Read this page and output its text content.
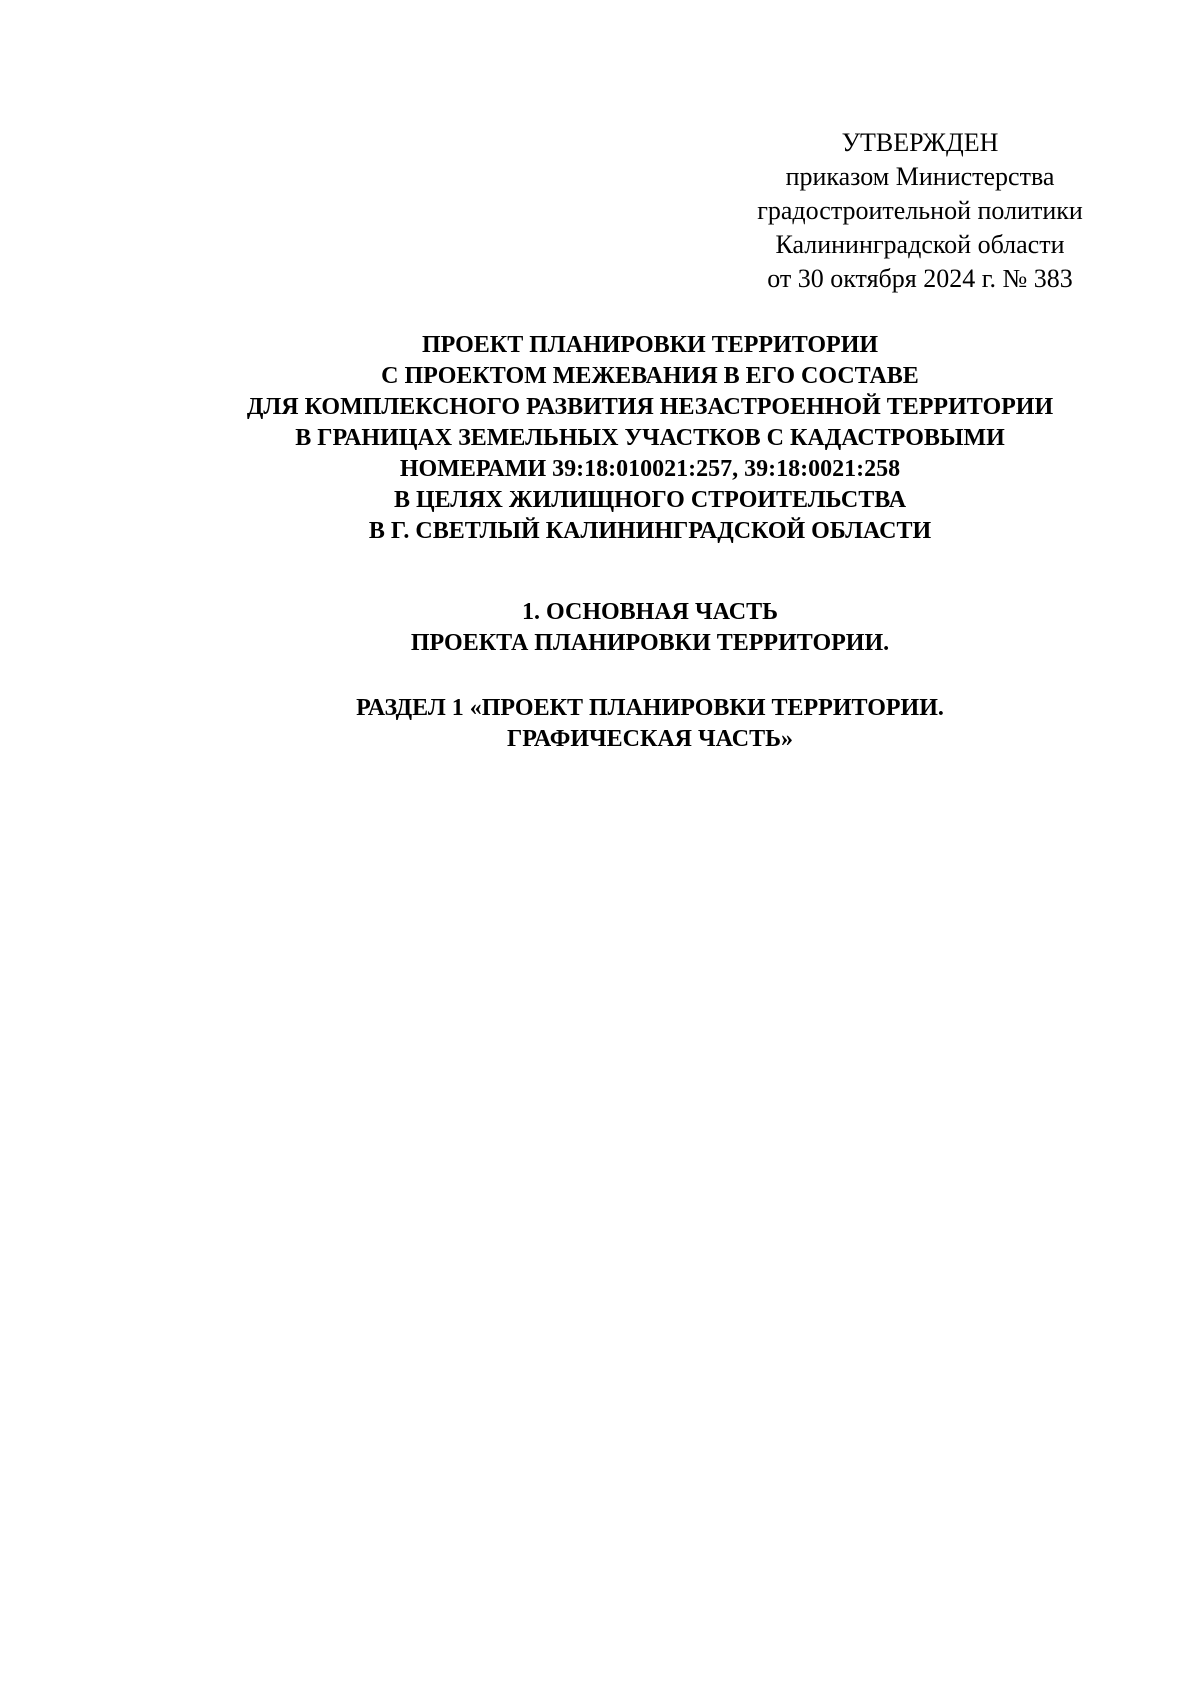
УТВЕРЖДЕН
приказом Министерства
градостроительной политики
Калининградской области
от 30 октября 2024 г. № 383
ПРОЕКТ ПЛАНИРОВКИ ТЕРРИТОРИИ
С ПРОЕКТОМ МЕЖЕВАНИЯ В ЕГО СОСТАВЕ
ДЛЯ КОМПЛЕКСНОГО РАЗВИТИЯ НЕЗАСТРОЕННОЙ ТЕРРИТОРИИ
В ГРАНИЦАХ ЗЕМЕЛЬНЫХ УЧАСТКОВ С КАДАСТРОВЫМИ
НОМЕРАМИ 39:18:010021:257, 39:18:0021:258
В ЦЕЛЯХ ЖИЛИЩНОГО СТРОИТЕЛЬСТВА
В Г. СВЕТЛЫЙ КАЛИНИНГРАДСКОЙ ОБЛАСТИ
1. ОСНОВНАЯ ЧАСТЬ
ПРОЕКТА ПЛАНИРОВКИ ТЕРРИТОРИИ.
РАЗДЕЛ 1 «ПРОЕКТ ПЛАНИРОВКИ ТЕРРИТОРИИ.
ГРАФИЧЕСКАЯ ЧАСТЬ»
